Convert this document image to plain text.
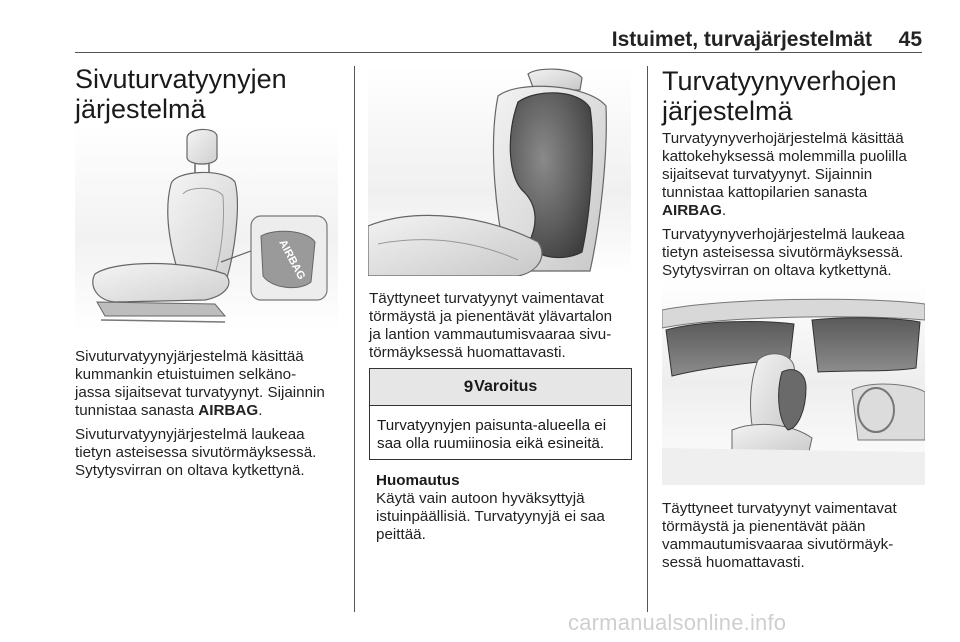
Istuimet, turvajärjestelmät 45
Sivuturvatyynyjen
järjestelmä
AIRBAG

Sivuturvatyynyjärjestelmä käsittää
kummankin etuistuimen selkäno-
jassa sijaitsevat turvatyynyt. Sijainnin
tunnistaa sanasta AIRBAG.

Sivuturvatyynyjärjestelmä laukeaa
tietyn asteisessa sivutörmäyksessä.
Sytytysvirran on oltava kytkettynä.

Täyttyneet turvatyynyt vaimentavat
törmäystä ja pienentävät ylävartalon
ja lantion vammautumisvaaraa sivu-
törmäyksessä huomattavasti.

9 Varoitus
Turvatyynyjen paisunta-alueella ei
saa olla ruumiinosia eikä esineitä.
Huomautus

Käytä vain autoon hyväksyttyjä
istuinpäällisiä. Turvatyynyjä ei saa
peittää.

Turvatyynyverhojen
järjestelmä

Turvatyynyverhojärjestelmä käsittää
kattokehyksessä molemmilla puolilla
sijaitsevat turvatyynyt. Sijainnin
tunnistaa kattopilarien sanasta
AIRBAG.

Turvatyynyverhojärjestelmä laukeaa
tietyn asteisessa sivutörmäyksessä.
Sytytysvirran on oltava kytkettynä.

Täyttyneet turvatyynyt vaimentavat
törmäystä ja pienentävät pään
vammautumisvaaraa sivutörmäyk-
sessä huomattavasti.

carmanualsonline.info
